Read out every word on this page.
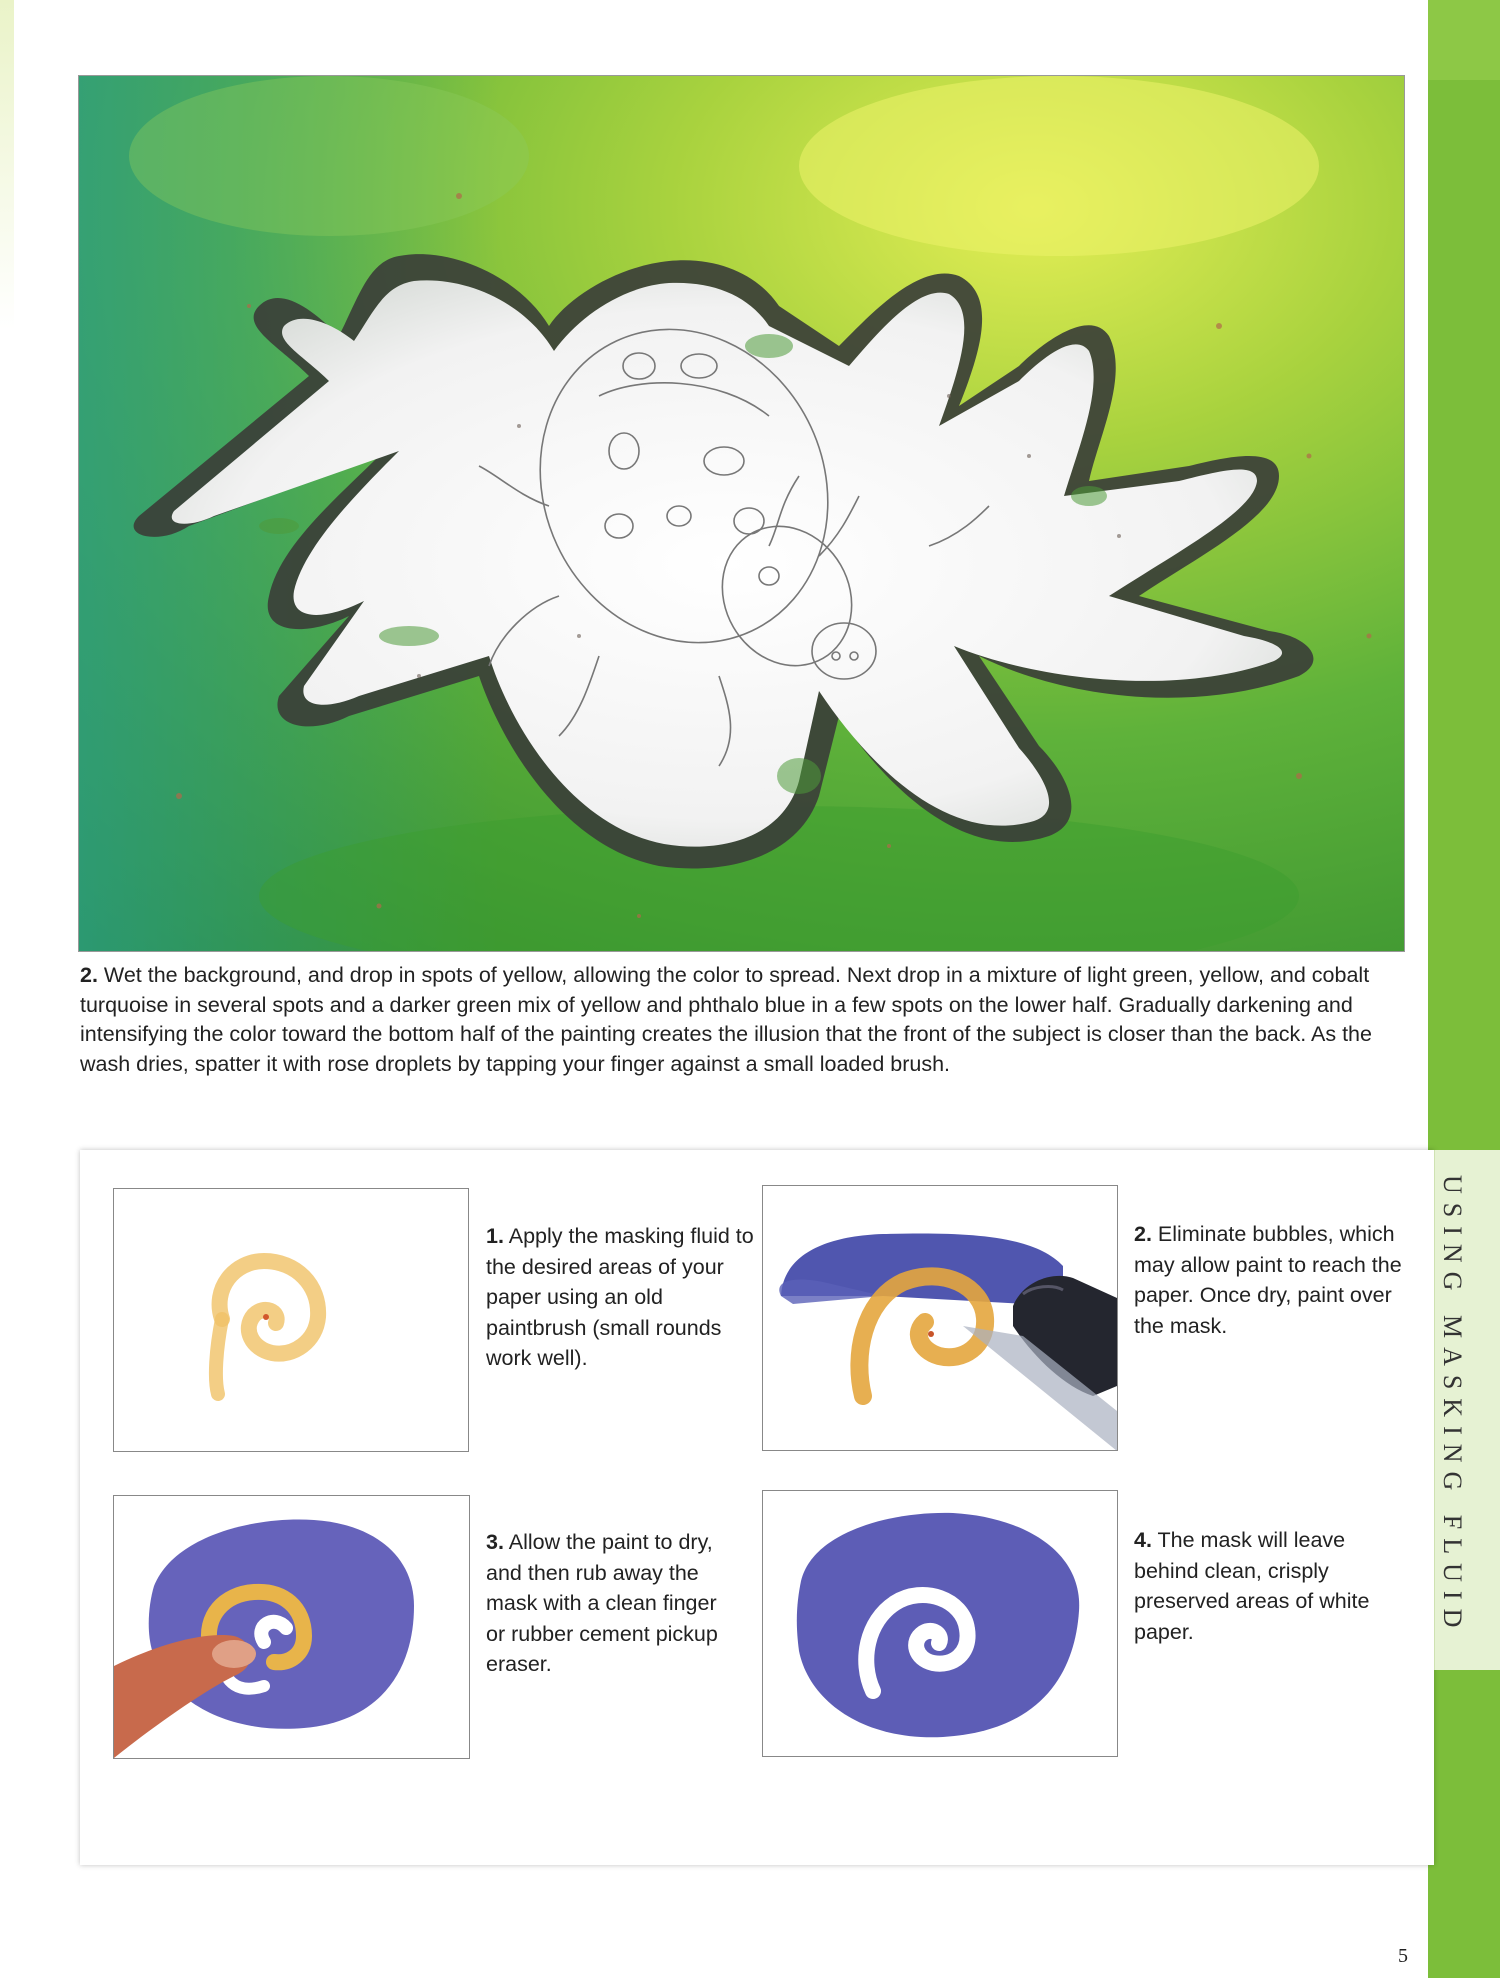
2. Wet the background, and drop in spots of yellow, allowing the color to spread. Next drop in a mixture of light green, yellow, and cobalt turquoise in several spots and a darker green mix of yellow and phthalo blue in a few spots on the lower half. Gradually darkening and intensifying the color toward the bottom half of the painting creates the illusion that the front of the subject is closer than the back. As the wash dries, spatter it with rose droplets by tapping your finger against a small loaded brush.
1. Apply the masking fluid to the desired areas of your paper using an old paintbrush (small rounds work well).
2. Eliminate bubbles, which may allow paint to reach the paper. Once dry, paint over the mask.
3. Allow the paint to dry, and then rub away the mask with a clean finger or rubber cement pickup eraser.
4. The mask will leave behind clean, crisply preserved areas of white paper.	USING MASKING FLUID
5
